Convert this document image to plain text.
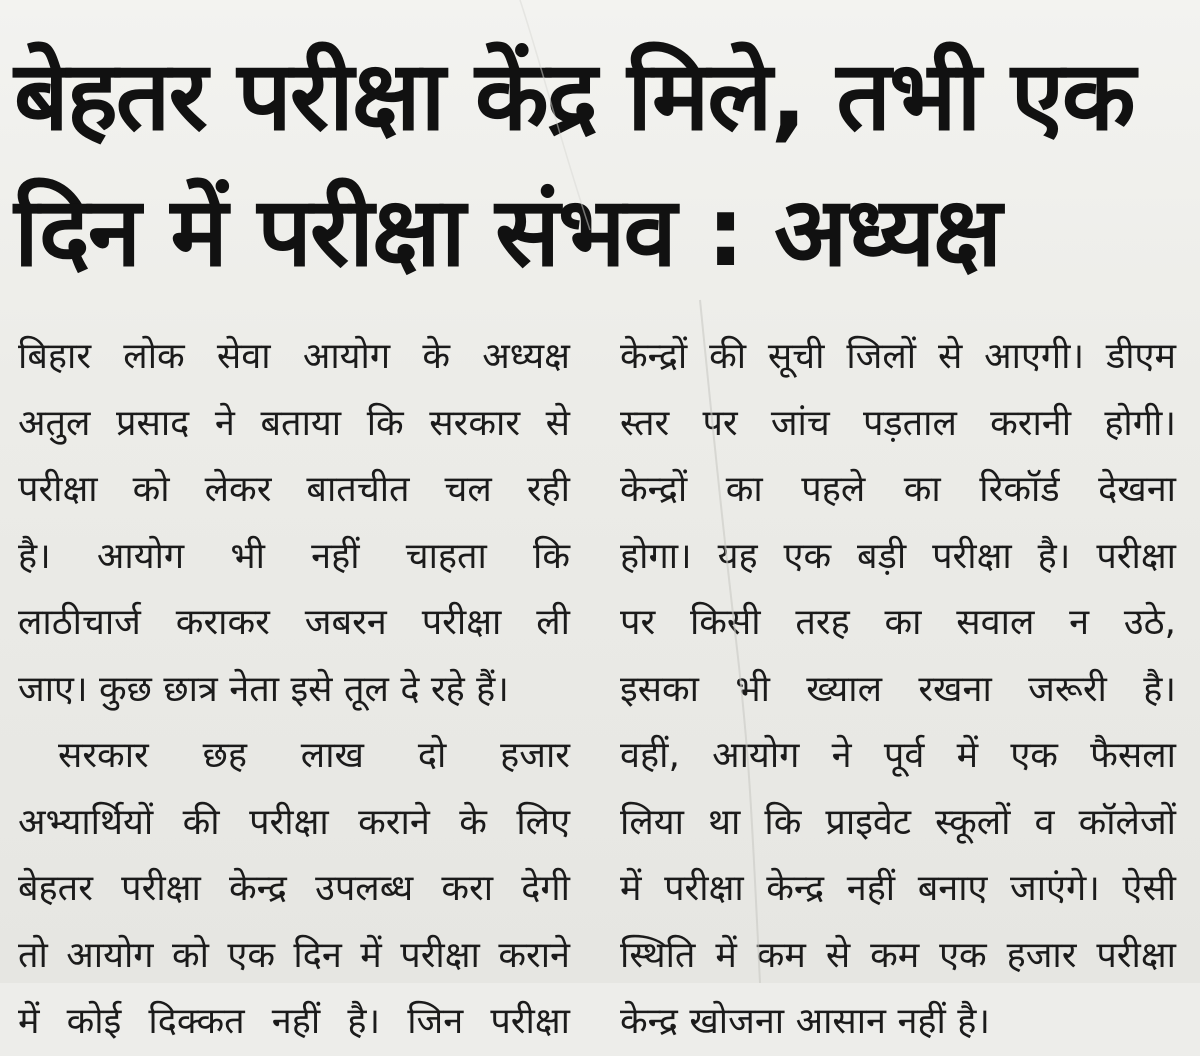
बेहतर परीक्षा केंद्र मिले, तभी एक
दिन में परीक्षा संभव : अध्यक्ष
बिहार लोक सेवा आयोग के अध्यक्ष
अतुल प्रसाद ने बताया कि सरकार से
परीक्षा को लेकर बातचीत चल रही
है। आयोग भी नहीं चाहता कि
लाठीचार्ज कराकर जबरन परीक्षा ली
जाए। कुछ छात्र नेता इसे तूल दे रहे हैं।
सरकार छह लाख दो हजार
अभ्यार्थियों की परीक्षा कराने के लिए
बेहतर परीक्षा केन्द्र उपलब्ध करा देगी
तो आयोग को एक दिन में परीक्षा कराने
में कोई दिक्कत नहीं है। जिन परीक्षा
केन्द्रों की सूची जिलों से आएगी। डीएम
स्तर पर जांच पड़ताल करानी होगी।
केन्द्रों का पहले का रिकॉर्ड देखना
होगा। यह एक बड़ी परीक्षा है। परीक्षा
पर किसी तरह का सवाल न उठे,
इसका भी ख्याल रखना जरूरी है।
वहीं, आयोग ने पूर्व में एक फैसला
लिया था कि प्राइवेट स्कूलों व कॉलेजों
में परीक्षा केन्द्र नहीं बनाए जाएंगे। ऐसी
स्थिति में कम से कम एक हजार परीक्षा
केन्द्र खोजना आसान नहीं है।
